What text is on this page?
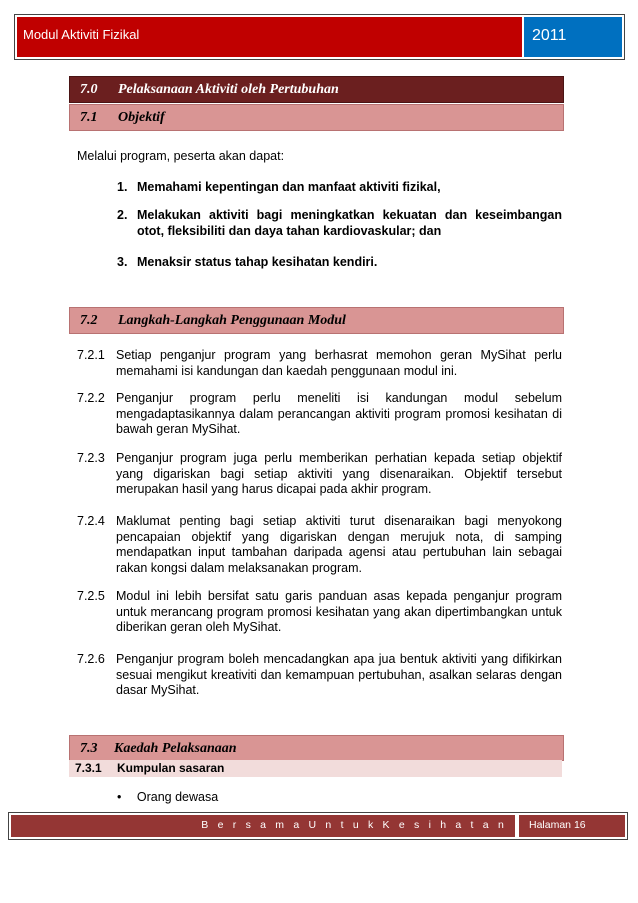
Modul Aktiviti Fizikal	2011
7.0 Pelaksanaan Aktiviti oleh Pertubuhan
7.1 Objektif
Melalui program, peserta akan dapat:
1. Memahami kepentingan dan manfaat aktiviti fizikal,
2. Melakukan aktiviti bagi meningkatkan kekuatan dan keseimbangan otot, fleksibiliti dan daya tahan kardiovaskular; dan
3. Menaksir status tahap kesihatan kendiri.
7.2 Langkah-Langkah Penggunaan Modul
7.2.1 Setiap penganjur program yang berhasrat memohon geran MySihat perlu memahami isi kandungan dan kaedah penggunaan modul ini.
7.2.2 Penganjur program perlu meneliti isi kandungan modul sebelum mengadaptasikannya dalam perancangan aktiviti program promosi kesihatan di bawah geran MySihat.
7.2.3 Penganjur program juga perlu memberikan perhatian kepada setiap objektif yang digariskan bagi setiap aktiviti yang disenaraikan. Objektif tersebut merupakan hasil yang harus dicapai pada akhir program.
7.2.4 Maklumat penting bagi setiap aktiviti turut disenaraikan bagi menyokong pencapaian objektif yang digariskan dengan merujuk nota, di samping mendapatkan input tambahan daripada agensi atau pertubuhan lain sebagai rakan kongsi dalam melaksanakan program.
7.2.5 Modul ini lebih bersifat satu garis panduan asas kepada penganjur program untuk merancang program promosi kesihatan yang akan dipertimbangkan untuk diberikan geran oleh MySihat.
7.2.6 Penganjur program boleh mencadangkan apa jua bentuk aktiviti yang difikirkan sesuai mengikut kreativiti dan kemampuan pertubuhan, asalkan selaras dengan dasar MySihat.
7.3 Kaedah Pelaksanaan
7.3.1 Kumpulan sasaran
• Orang dewasa
B e r s a m a U n t u k K e s i h a t a n Halaman 16
